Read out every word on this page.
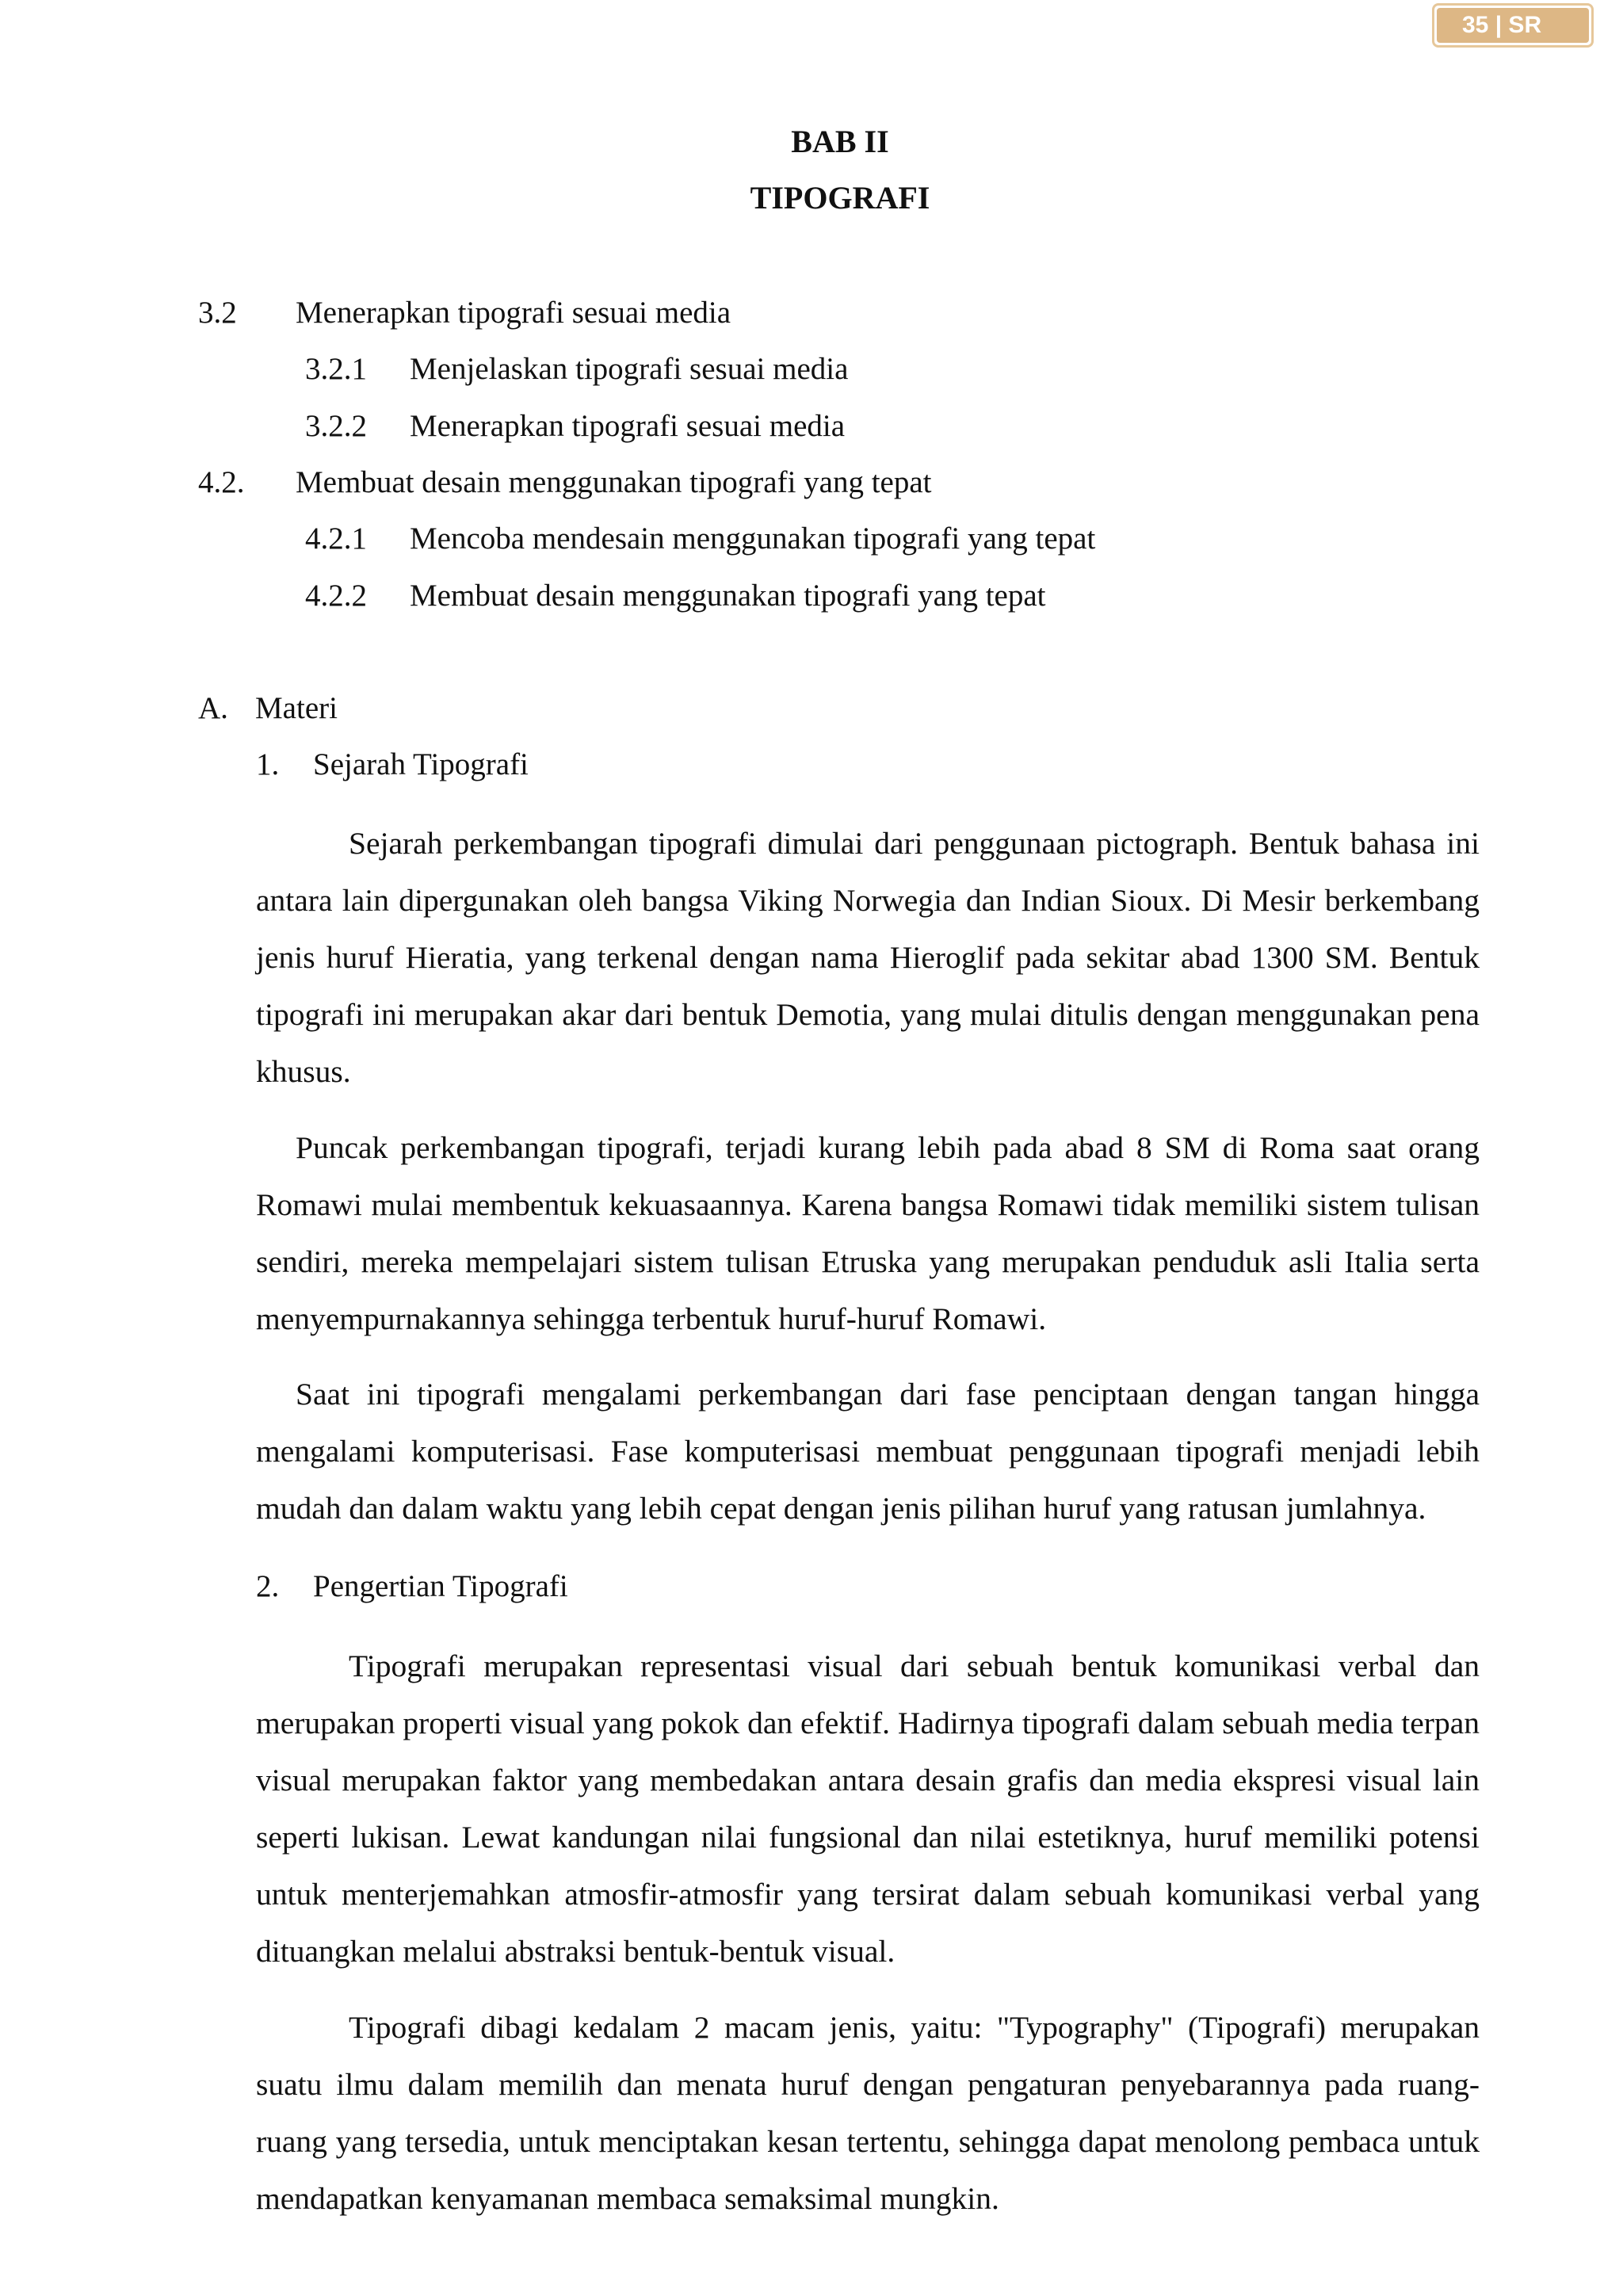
35 | SR
BAB II
TIPOGRAFI
3.2 Menerapkan tipografi sesuai media
3.2.1 Menjelaskan tipografi sesuai media
3.2.2 Menerapkan tipografi sesuai media
4.2. Membuat desain menggunakan tipografi yang tepat
4.2.1 Mencoba mendesain menggunakan tipografi yang tepat
4.2.2 Membuat desain menggunakan tipografi yang tepat
A. Materi
1. Sejarah Tipografi

Sejarah perkembangan tipografi dimulai dari penggunaan pictograph. Bentuk bahasa ini antara lain dipergunakan oleh bangsa Viking Norwegia dan Indian Sioux. Di Mesir berkembang jenis huruf Hieratia, yang terkenal dengan nama Hieroglif pada sekitar abad 1300 SM. Bentuk tipografi ini merupakan akar dari bentuk Demotia, yang mulai ditulis dengan menggunakan pena khusus.

Puncak perkembangan tipografi, terjadi kurang lebih pada abad 8 SM di Roma saat orang Romawi mulai membentuk kekuasaannya. Karena bangsa Romawi tidak memiliki sistem tulisan sendiri, mereka mempelajari sistem tulisan Etruska yang merupakan penduduk asli Italia serta menyempurnakannya sehingga terbentuk huruf-huruf Romawi.

Saat ini tipografi mengalami perkembangan dari fase penciptaan dengan tangan hingga mengalami komputerisasi. Fase komputerisasi membuat penggunaan tipografi menjadi lebih mudah dan dalam waktu yang lebih cepat dengan jenis pilihan huruf yang ratusan jumlahnya.

2. Pengertian Tipografi

Tipografi merupakan representasi visual dari sebuah bentuk komunikasi verbal dan merupakan properti visual yang pokok dan efektif. Hadirnya tipografi dalam sebuah media terpan visual merupakan faktor yang membedakan antara desain grafis dan media ekspresi visual lain seperti lukisan. Lewat kandungan nilai fungsional dan nilai estetiknya, huruf memiliki potensi untuk menterjemahkan atmosfir-atmosfir yang tersirat dalam sebuah komunikasi verbal yang dituangkan melalui abstraksi bentuk-bentuk visual.

Tipografi dibagi kedalam 2 macam jenis, yaitu: "Typography" (Tipografi) merupakan suatu ilmu dalam memilih dan menata huruf dengan pengaturan penyebarannya pada ruang-ruang yang tersedia, untuk menciptakan kesan tertentu, sehingga dapat menolong pembaca untuk mendapatkan kenyamanan membaca semaksimal mungkin.
